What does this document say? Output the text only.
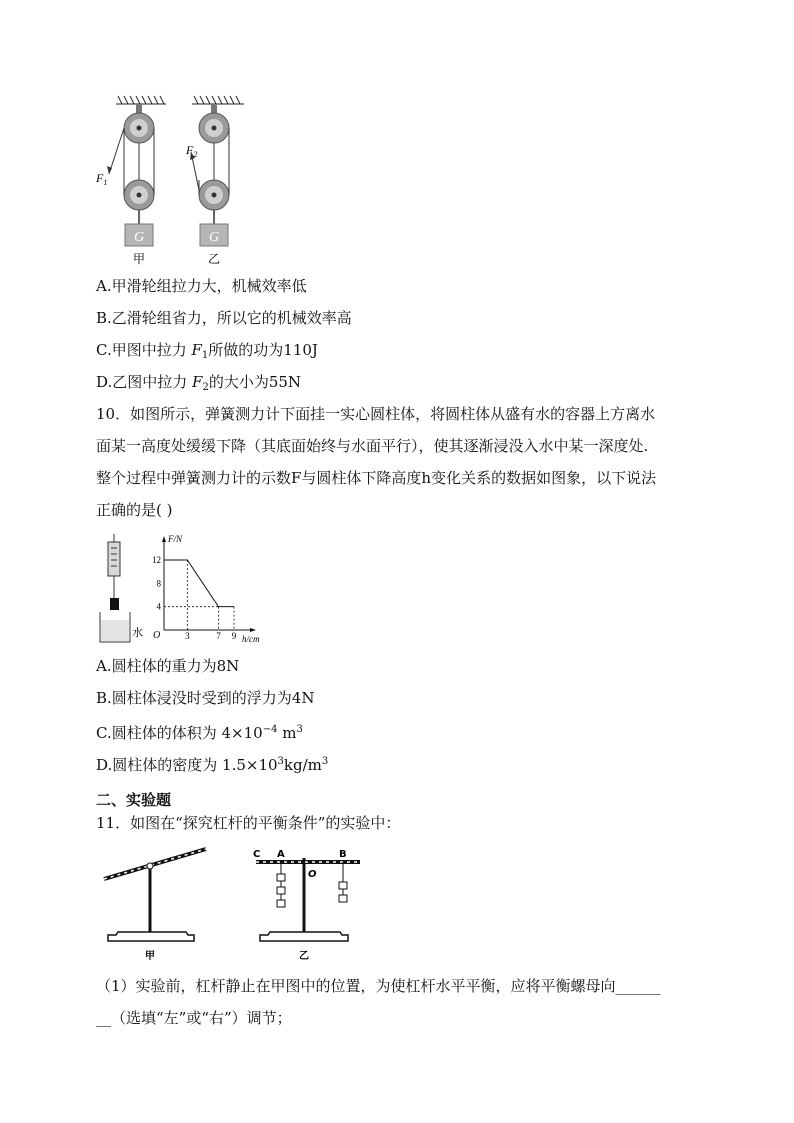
$F_1$
$F_2$
G	G
甲	乙
A.甲滑轮组拉力大，机械效率低
B.乙滑轮组省力，所以它的机械效率高
C.甲图中拉力 $F_1$所做的功为110J
D.乙图中拉力 $F_2$的大小为55N
10．如图所示，弹簧测力计下面挂一实心圆柱体，将圆柱体从盛有水的容器上方离水
面某一高度处缓缓下降（其底面始终与水面平行），使其逐渐浸没入水中某一深度处.
整个过程中弹簧测力计的示数F与圆柱体下降高度h变化关系的数据如图象，以下说法
正确的是( )
水
F/N
h/cm
O
12
8
4
3	7 9
A.圆柱体的重力为8N
B.圆柱体浸没时受到的浮力为4N
C.圆柱体的体积为 $4\times 10^{-4}$ $m^3$
D.圆柱体的密度为 $1.5\times 10^3kg/m^3$
二、实验题
11．如图在“探究杠杆的平衡条件”的实验中：
甲
C A	B
O
乙
（1）实验前，杠杆静止在甲图中的位置，为使杠杆水平平衡，应将平衡螺母向______
__（选填“左”或“右”）调节；
